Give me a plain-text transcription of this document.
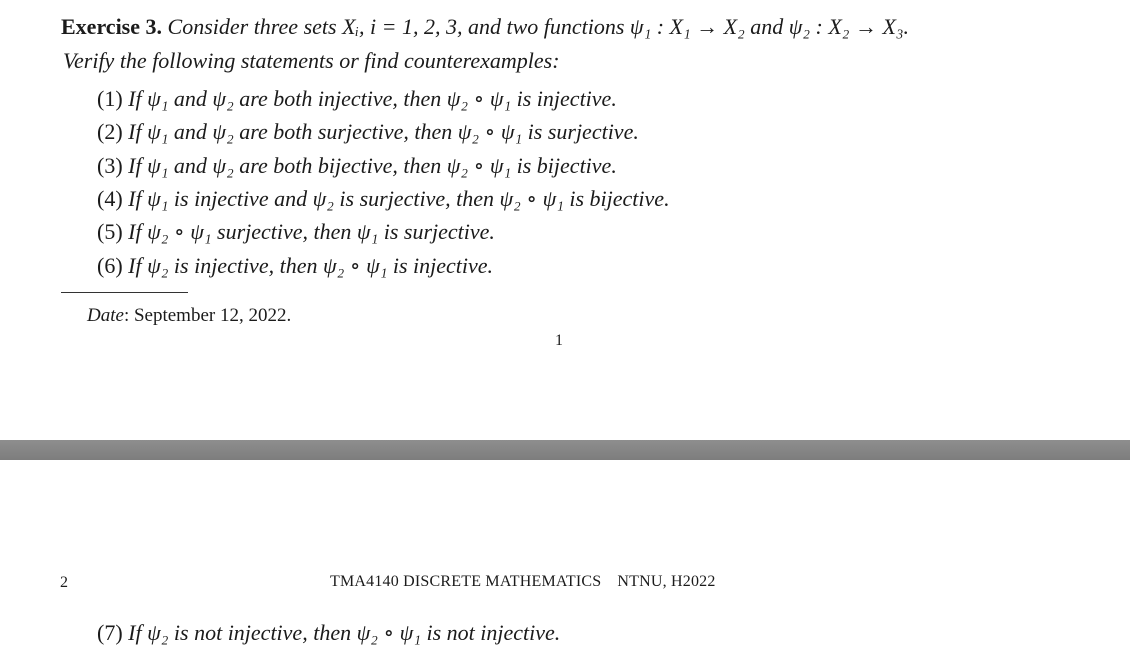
Exercise 3. Consider three sets Xᵢ, i = 1, 2, 3, and two functions ψ₁ : X₁ → X₂ and ψ₂ : X₂ → X₃.
Verify the following statements or find counterexamples:
(1) If ψ₁ and ψ₂ are both injective, then ψ₂ ∘ ψ₁ is injective.
(2) If ψ₁ and ψ₂ are both surjective, then ψ₂ ∘ ψ₁ is surjective.
(3) If ψ₁ and ψ₂ are both bijective, then ψ₂ ∘ ψ₁ is bijective.
(4) If ψ₁ is injective and ψ₂ is surjective, then ψ₂ ∘ ψ₁ is bijective.
(5) If ψ₂ ∘ ψ₁ surjective, then ψ₁ is surjective.
(6) If ψ₂ is injective, then ψ₂ ∘ ψ₁ is injective.
Date: September 12, 2022.
1
2	TMA4140 DISCRETE MATHEMATICS NTNU, H2022
(7) If ψ₂ is not injective, then ψ₂ ∘ ψ₁ is not injective.
